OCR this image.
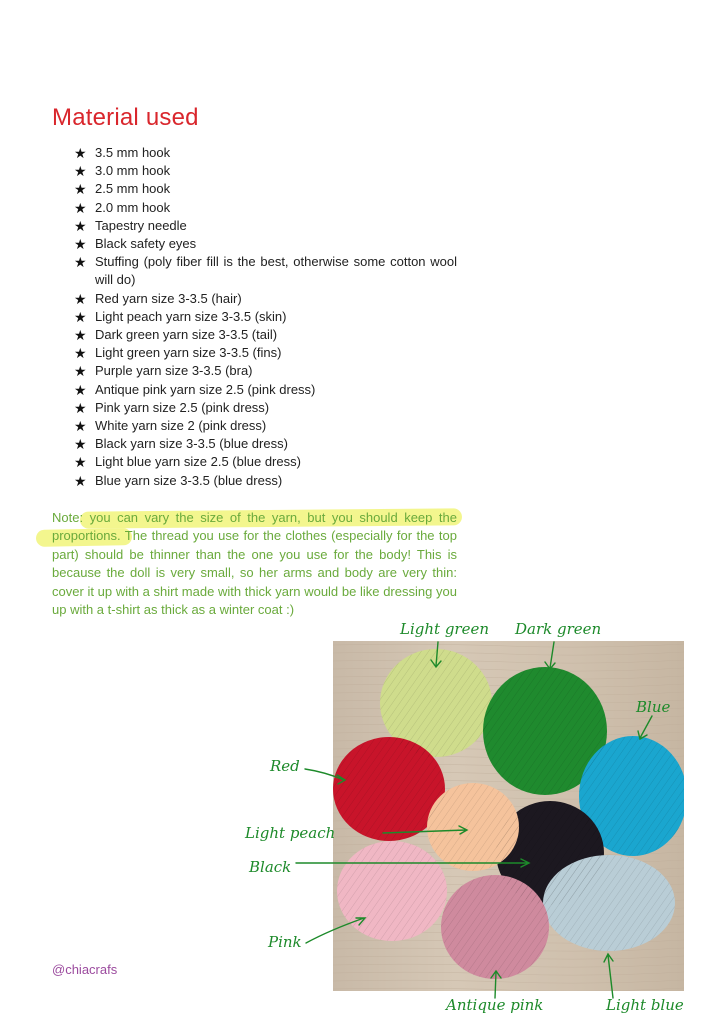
Material used
★ 3.5 mm hook
★ 3.0 mm hook
★ 2.5 mm hook
★ 2.0 mm hook
★ Tapestry needle
★ Black safety eyes
★ Stuffing (poly fiber fill is the best, otherwise some cotton wool will do)
★ Red yarn size 3-3.5 (hair)
★ Light peach yarn size 3-3.5 (skin)
★ Dark green yarn size 3-3.5 (tail)
★ Light green yarn size 3-3.5 (fins)
★ Purple yarn size 3-3.5 (bra)
★ Antique pink yarn size 2.5 (pink dress)
★ Pink yarn size 2.5 (pink dress)
★ White yarn size 2 (pink dress)
★ Black yarn size 3-3.5 (blue dress)
★ Light blue yarn size 2.5 (blue dress)
★ Blue yarn size 3-3.5 (blue dress)

Note: you can vary the size of the yarn, but you should keep the proportions. The thread you use for the clothes (especially for the top part) should be thinner than the one you use for the body! This is because the doll is very small, so her arms and body are very thin: cover it up with a shirt made with thick yarn would be like dressing you up with a t-shirt as thick as a winter coat :)

Light green Dark green
Blue
Red
Light peach
Black
Pink
Antique pink	Light blue
@chiacrafs
